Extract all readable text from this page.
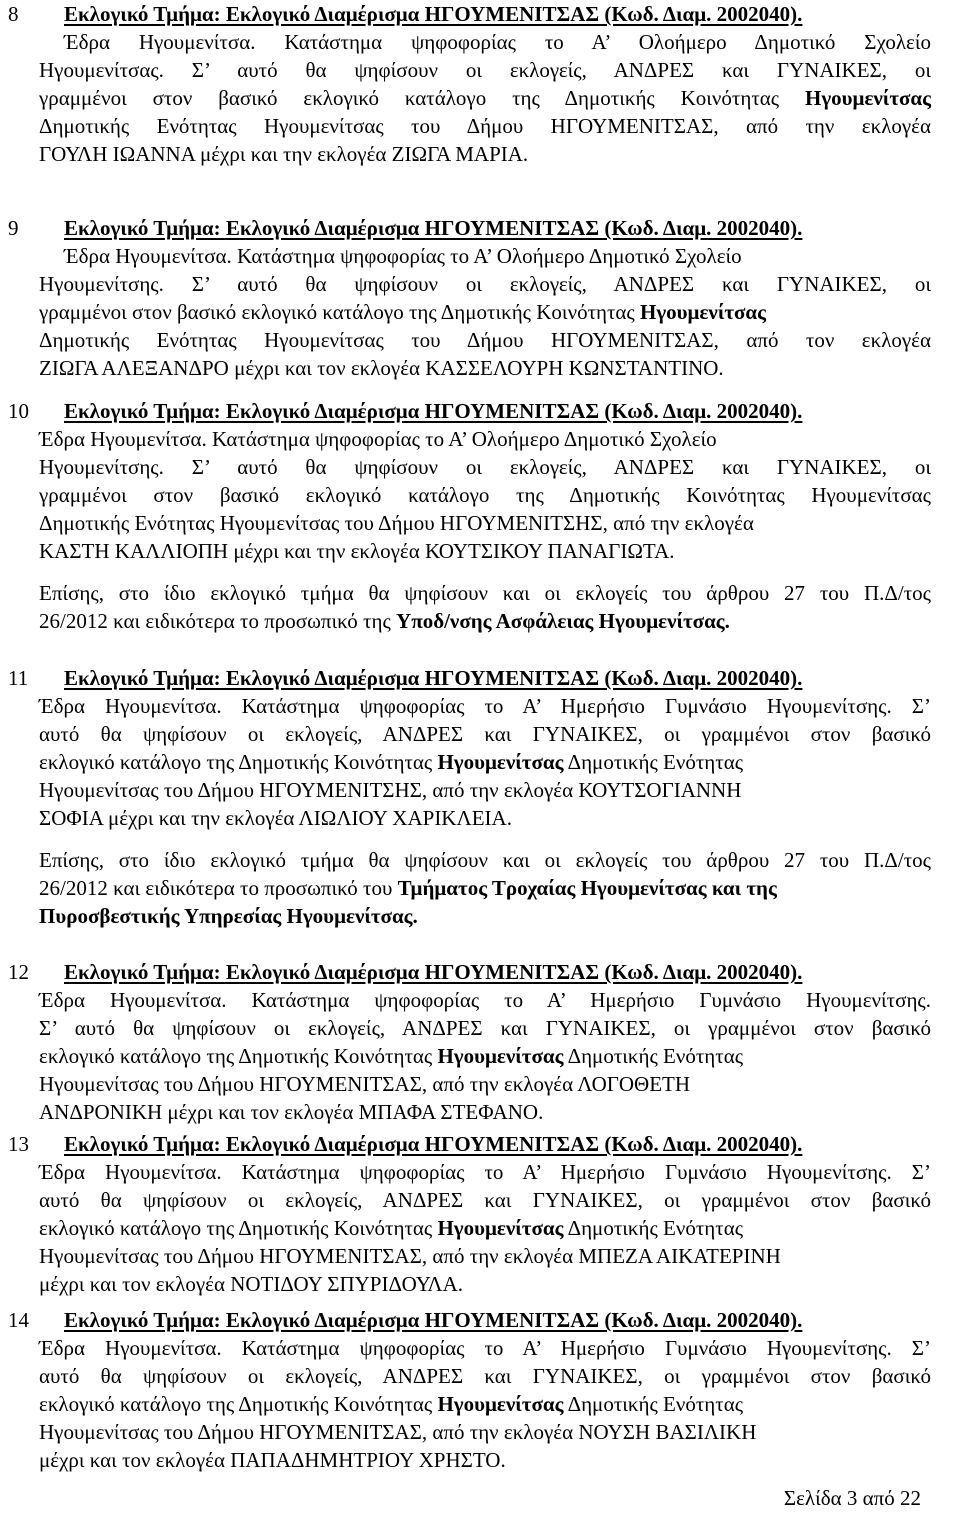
8 Εκλογικό Τμήμα: Εκλογικό Διαμέρισμα ΗΓΟΥΜΕΝΙΤΣΑΣ (Κωδ. Διαμ. 2002040).
Έδρα Ηγουμενίτσα. Κατάστημα ψηφοφορίας το Α’ Ολοήμερο Δημοτικό Σχολείο
Ηγουμενίτσας. Σ’ αυτό θα ψηφίσουν οι εκλογείς, ΑΝΔΡΕΣ και ΓΥΝΑΙΚΕΣ, οι
γραμμένοι στον βασικό εκλογικό κατάλογο της Δημοτικής Κοινότητας Ηγουμενίτσας
Δημοτικής Ενότητας Ηγουμενίτσας του Δήμου ΗΓΟΥΜΕΝΙΤΣΑΣ, από την εκλογέα
ΓΟΥΛΗ ΙΩΑΝΝΑ μέχρι και την εκλογέα ΖΙΩΓΑ ΜΑΡΙΑ.
9 Εκλογικό Τμήμα: Εκλογικό Διαμέρισμα ΗΓΟΥΜΕΝΙΤΣΑΣ (Κωδ. Διαμ. 2002040).
Έδρα Ηγουμενίτσα. Κατάστημα ψηφοφορίας το Α’ Ολοήμερο Δημοτικό Σχολείο
Ηγουμενίτσης. Σ’ αυτό θα ψηφίσουν οι εκλογείς, ΑΝΔΡΕΣ και ΓΥΝΑΙΚΕΣ, οι
γραμμένοι στον βασικό εκλογικό κατάλογο της Δημοτικής Κοινότητας Ηγουμενίτσας
Δημοτικής Ενότητας Ηγουμενίτσας του Δήμου ΗΓΟΥΜΕΝΙΤΣΑΣ, από τον εκλογέα
ΖΙΩΓΑ ΑΛΕΞΑΝΔΡΟ μέχρι και τον εκλογέα ΚΑΣΣΕΛΟΥΡΗ ΚΩΝΣΤΑΝΤΙΝΟ.
10 Εκλογικό Τμήμα: Εκλογικό Διαμέρισμα ΗΓΟΥΜΕΝΙΤΣΑΣ (Κωδ. Διαμ. 2002040).
Έδρα Ηγουμενίτσα. Κατάστημα ψηφοφορίας το Α’ Ολοήμερο Δημοτικό Σχολείο
Ηγουμενίτσης. Σ’ αυτό θα ψηφίσουν οι εκλογείς, ΑΝΔΡΕΣ και ΓΥΝΑΙΚΕΣ, οι
γραμμένοι στον βασικό εκλογικό κατάλογο της Δημοτικής Κοινότητας Ηγουμενίτσας
Δημοτικής Ενότητας Ηγουμενίτσας του Δήμου ΗΓΟΥΜΕΝΙΤΣΗΣ, από την εκλογέα
ΚΑΣΤΗ ΚΑΛΛΙΟΠΗ μέχρι και την εκλογέα ΚΟΥΤΣΙΚΟΥ ΠΑΝΑΓΙΩΤΑ.
Επίσης, στο ίδιο εκλογικό τμήμα θα ψηφίσουν και οι εκλογείς του άρθρου 27 του Π.Δ/τος
26/2012 και ειδικότερα το προσωπικό της Υποδ/νσης Ασφάλειας Ηγουμενίτσας.
11 Εκλογικό Τμήμα: Εκλογικό Διαμέρισμα ΗΓΟΥΜΕΝΙΤΣΑΣ (Κωδ. Διαμ. 2002040).
Έδρα Ηγουμενίτσα. Κατάστημα ψηφοφορίας το Α’ Ημερήσιο Γυμνάσιο Ηγουμενίτσης. Σ’
αυτό θα ψηφίσουν οι εκλογείς, ΑΝΔΡΕΣ και ΓΥΝΑΙΚΕΣ, οι γραμμένοι στον βασικό
εκλογικό κατάλογο της Δημοτικής Κοινότητας Ηγουμενίτσας Δημοτικής Ενότητας
Ηγουμενίτσας του Δήμου ΗΓΟΥΜΕΝΙΤΣΗΣ, από την εκλογέα ΚΟΥΤΣΟΓΙΑΝΝΗ
ΣΟΦΙΑ μέχρι και την εκλογέα ΛΙΩΛΙΟΥ ΧΑΡΙΚΛΕΙΑ.
Επίσης, στο ίδιο εκλογικό τμήμα θα ψηφίσουν και οι εκλογείς του άρθρου 27 του Π.Δ/τος
26/2012 και ειδικότερα το προσωπικό του Τμήματος Τροχαίας Ηγουμενίτσας και της
Πυροσβεστικής Υπηρεσίας Ηγουμενίτσας.
12 Εκλογικό Τμήμα: Εκλογικό Διαμέρισμα ΗΓΟΥΜΕΝΙΤΣΑΣ (Κωδ. Διαμ. 2002040).
Έδρα Ηγουμενίτσα. Κατάστημα ψηφοφορίας το Α’ Ημερήσιο Γυμνάσιο Ηγουμενίτσης.
Σ’ αυτό θα ψηφίσουν οι εκλογείς, ΑΝΔΡΕΣ και ΓΥΝΑΙΚΕΣ, οι γραμμένοι στον βασικό
εκλογικό κατάλογο της Δημοτικής Κοινότητας Ηγουμενίτσας Δημοτικής Ενότητας
Ηγουμενίτσας του Δήμου ΗΓΟΥΜΕΝΙΤΣΑΣ, από την εκλογέα ΛΟΓΟΘΕΤΗ
ΑΝΔΡΟΝΙΚΗ μέχρι και τον εκλογέα ΜΠΑΦΑ ΣΤΕΦΑΝΟ.
13 Εκλογικό Τμήμα: Εκλογικό Διαμέρισμα ΗΓΟΥΜΕΝΙΤΣΑΣ (Κωδ. Διαμ. 2002040).
Έδρα Ηγουμενίτσα. Κατάστημα ψηφοφορίας το Α’ Ημερήσιο Γυμνάσιο Ηγουμενίτσης. Σ’
αυτό θα ψηφίσουν οι εκλογείς, ΑΝΔΡΕΣ και ΓΥΝΑΙΚΕΣ, οι γραμμένοι στον βασικό
εκλογικό κατάλογο της Δημοτικής Κοινότητας Ηγουμενίτσας Δημοτικής Ενότητας
Ηγουμενίτσας του Δήμου ΗΓΟΥΜΕΝΙΤΣΑΣ, από την εκλογέα ΜΠΕΖΑ ΑΙΚΑΤΕΡΙΝΗ
μέχρι και τον εκλογέα ΝΟΤΙΔΟΥ ΣΠΥΡΙΔΟΥΛΑ.
14 Εκλογικό Τμήμα: Εκλογικό Διαμέρισμα ΗΓΟΥΜΕΝΙΤΣΑΣ (Κωδ. Διαμ. 2002040).
Έδρα Ηγουμενίτσα. Κατάστημα ψηφοφορίας το Α’ Ημερήσιο Γυμνάσιο Ηγουμενίτσης. Σ’
αυτό θα ψηφίσουν οι εκλογείς, ΑΝΔΡΕΣ και ΓΥΝΑΙΚΕΣ, οι γραμμένοι στον βασικό
εκλογικό κατάλογο της Δημοτικής Κοινότητας Ηγουμενίτσας Δημοτικής Ενότητας
Ηγουμενίτσας του Δήμου ΗΓΟΥΜΕΝΙΤΣΑΣ, από την εκλογέα ΝΟΥΣΗ ΒΑΣΙΛΙΚΗ
μέχρι και τον εκλογέα ΠΑΠΑΔΗΜΗΤΡΙΟΥ ΧΡΗΣΤΟ.
Σελίδα 3 από 22
